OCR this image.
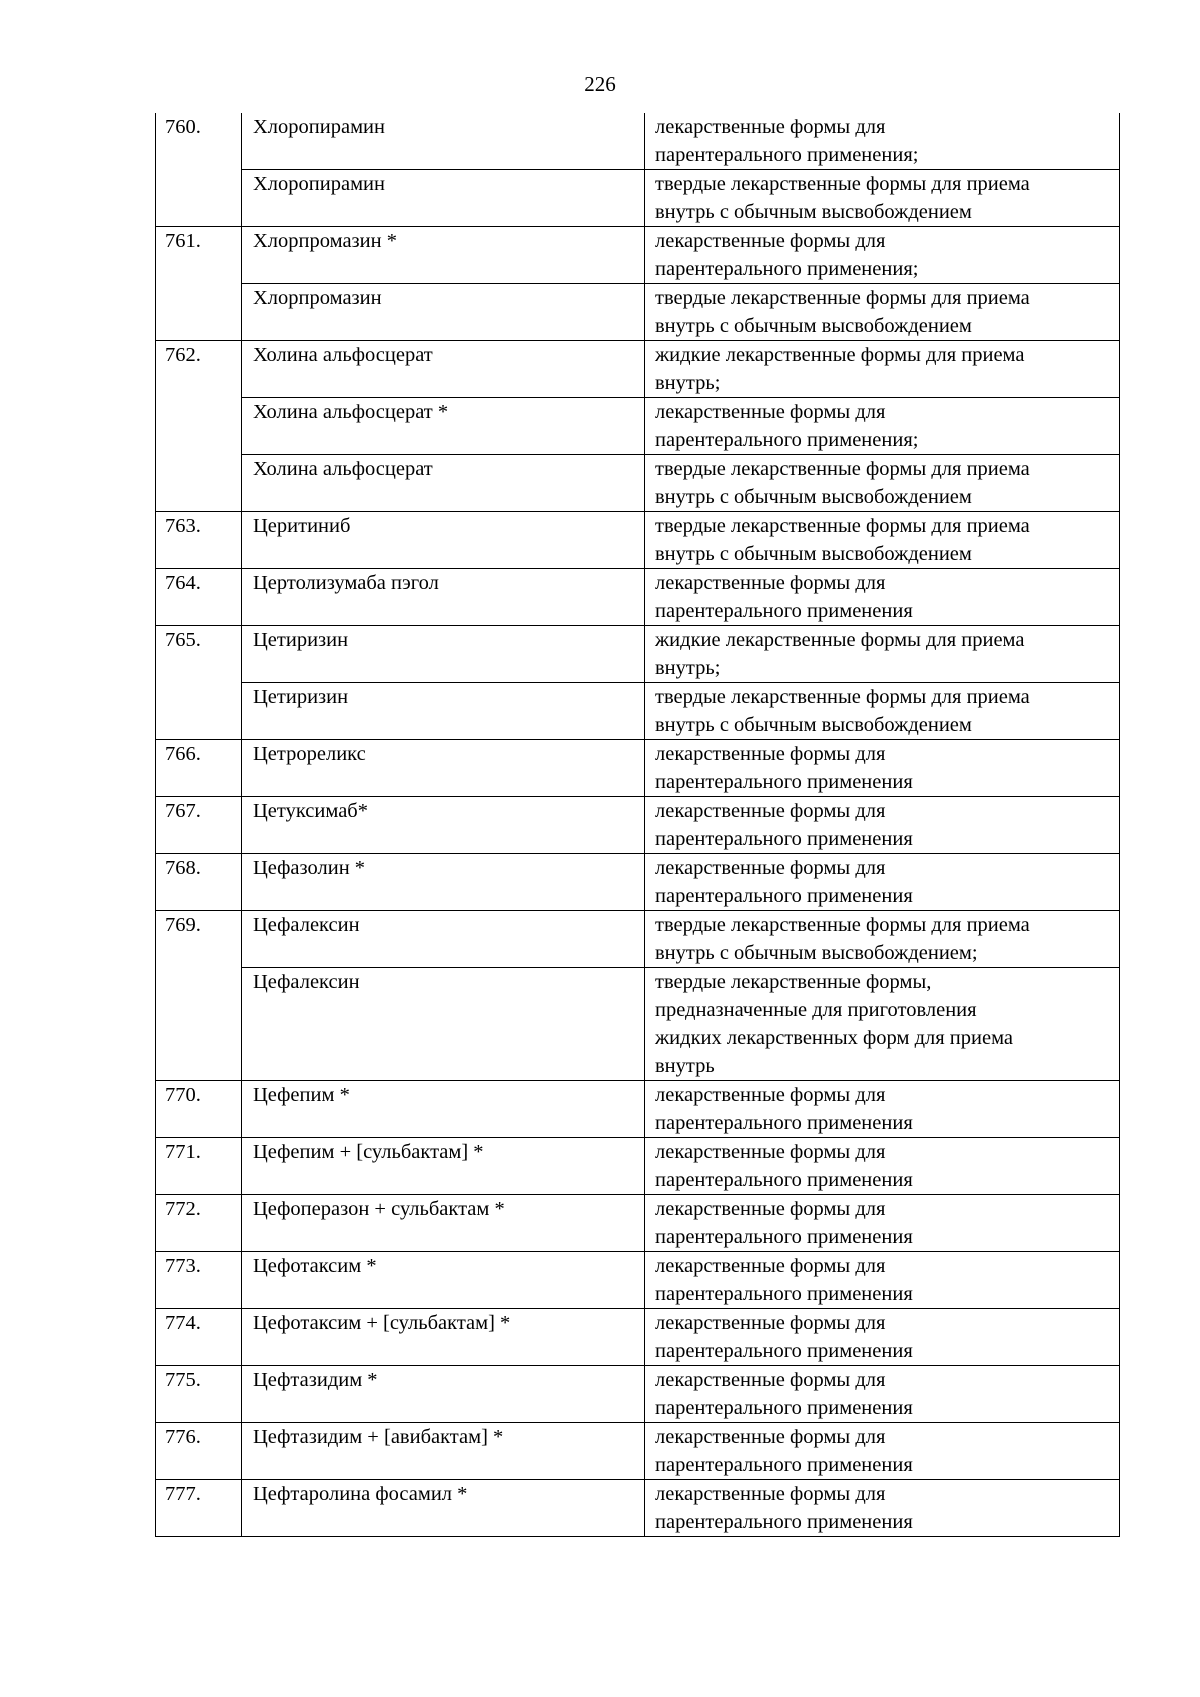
226
760.	Хлоропирамин	лекарственные формы для
парентерального применения;

	Хлоропирамин	твердые лекарственные формы для приема
внутрь с обычным высвобождением

761.	Хлорпромазин *	лекарственные формы для
парентерального применения;

	Хлорпромазин	твердые лекарственные формы для приема
внутрь с обычным высвобождением

762.	Холина альфосцерат	жидкие лекарственные формы для приема
внутрь;

	Холина альфосцерат *	лекарственные формы для
парентерального применения;

	Холина альфосцерат	твердые лекарственные формы для приема
внутрь с обычным высвобождением

763.	Церитиниб	твердые лекарственные формы для приема
внутрь с обычным высвобождением

764.	Цертолизумаба пэгол	лекарственные формы для
парентерального применения

765.	Цетиризин	жидкие лекарственные формы для приема
внутрь;

	Цетиризин	твердые лекарственные формы для приема
внутрь с обычным высвобождением

766.	Цетрореликс	лекарственные формы для
парентерального применения

767.	Цетуксимаб*	лекарственные формы для
парентерального применения

768.	Цефазолин *	лекарственные формы для
парентерального применения

769.	Цефалексин	твердые лекарственные формы для приема
внутрь с обычным высвобождением;

	Цефалексин	твердые лекарственные формы,
предназначенные для приготовления
жидких лекарственных форм для приема
внутрь

770.	Цефепим *	лекарственные формы для
парентерального применения

771.	Цефепим + [сульбактам] *	лекарственные формы для
парентерального применения

772.	Цефоперазон + сульбактам *	лекарственные формы для
парентерального применения

773.	Цефотаксим *	лекарственные формы для
парентерального применения

774.	Цефотаксим + [сульбактам] *	лекарственные формы для
парентерального применения

775.	Цефтазидим *	лекарственные формы для
парентерального применения

776.	Цефтазидим + [авибактам] *	лекарственные формы для
парентерального применения

777.	Цефтаролина фосамил *	лекарственные формы для
парентерального применения
